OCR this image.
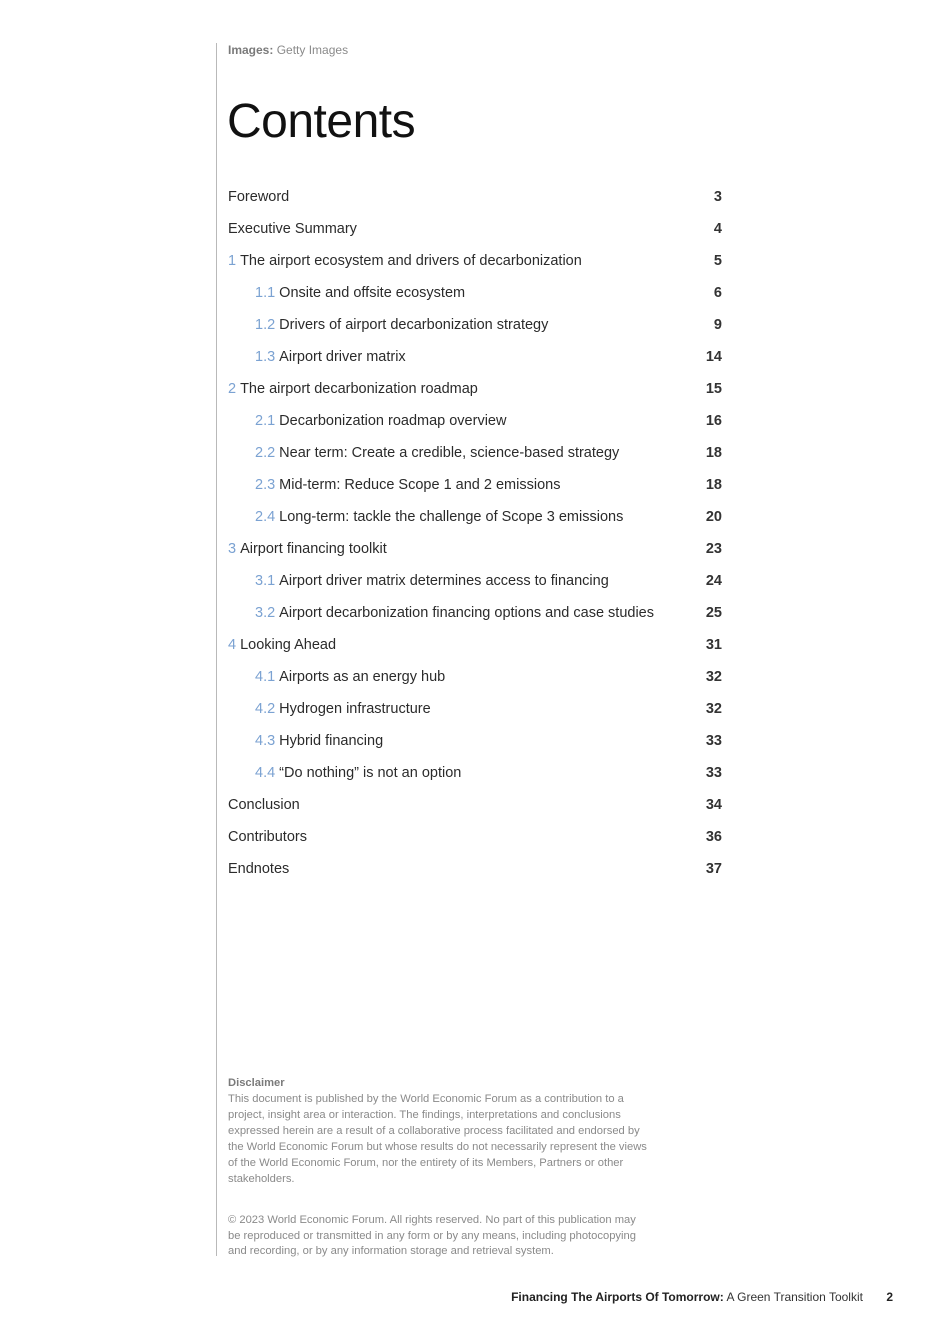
Images: Getty Images
Contents
Foreword	3
Executive Summary	4
1 The airport ecosystem and drivers of decarbonization	5
1.1 Onsite and offsite ecosystem	6
1.2 Drivers of airport decarbonization strategy	9
1.3 Airport driver matrix	14
2 The airport decarbonization roadmap	15
2.1 Decarbonization roadmap overview	16
2.2 Near term: Create a credible, science-based strategy	18
2.3 Mid-term: Reduce Scope 1 and 2 emissions	18
2.4 Long-term: tackle the challenge of Scope 3 emissions	20
3 Airport financing toolkit	23
3.1 Airport driver matrix determines access to financing	24
3.2 Airport decarbonization financing options and case studies	25
4 Looking Ahead	31
4.1 Airports as an energy hub	32
4.2 Hydrogen infrastructure	32
4.3 Hybrid financing	33
4.4 “Do nothing” is not an option	33
Conclusion	34
Contributors	36
Endnotes	37
Disclaimer
This document is published by the World Economic Forum as a contribution to a project, insight area or interaction. The findings, interpretations and conclusions expressed herein are a result of a collaborative process facilitated and endorsed by the World Economic Forum but whose results do not necessarily represent the views of the World Economic Forum, nor the entirety of its Members, Partners or other stakeholders.
© 2023 World Economic Forum. All rights reserved. No part of this publication may be reproduced or transmitted in any form or by any means, including photocopying and recording, or by any information storage and retrieval system.
Financing The Airports Of Tomorrow: A Green Transition Toolkit 2
